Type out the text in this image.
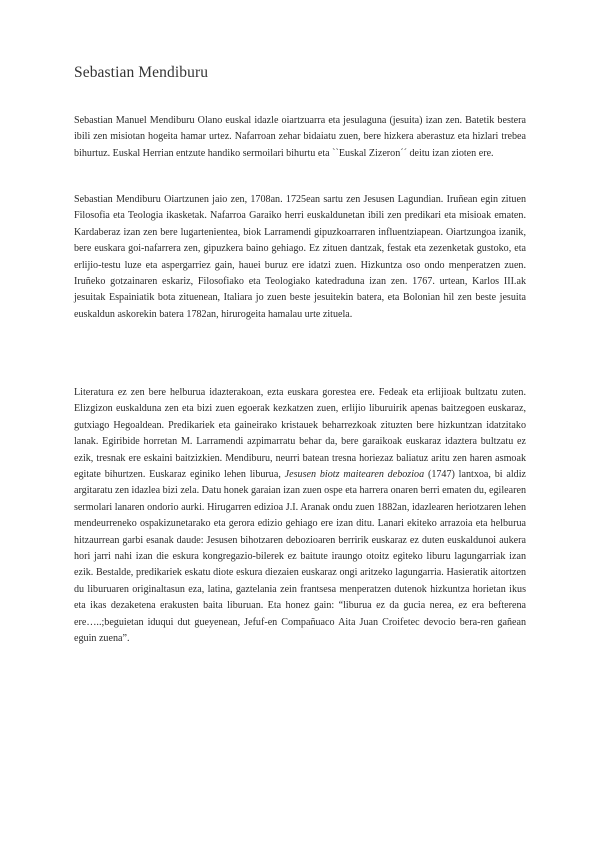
Sebastian Mendiburu

Sebastian Manuel Mendiburu Olano euskal idazle oiartzuarra eta jesulaguna (jesuita) izan zen. Batetik bestera ibili zen misiotan hogeita hamar urtez. Nafarroan zehar bidaiatu zuen, bere hizkera aberastuz eta hizlari trebea bihurtuz. Euskal Herrian entzute handiko sermoilari bihurtu eta ``Euskal Zizeron´´ deitu izan zioten ere.

Sebastian Mendiburu Oiartzunen jaio zen, 1708an. 1725ean sartu zen Jesusen Lagundian. Iruñean egin zituen Filosofia eta Teologia ikasketak. Nafarroa Garaiko herri euskaldunetan ibili zen predikari eta misioak ematen. Kardaberaz izan zen bere lugartenientea, biok Larramendi gipuzkoarraren influentziapean. Oiartzungoa izanik, bere euskara goi-nafarrera zen, gipuzkera baino gehiago. Ez zituen dantzak, festak eta zezenketak gustoko, eta erlijio-testu luze eta aspergarriez gain, hauei buruz ere idatzi zuen. Hizkuntza oso ondo menperatzen zuen. Iruñeko gotzainaren eskariz, Filosofiako eta Teologiako katedraduna izan zen. 1767. urtean, Karlos III.ak jesuitak Espainiatik bota zituenean, Italiara jo zuen beste jesuitekin batera, eta Bolonian hil zen beste jesuita euskaldun askorekin batera 1782an, hirurogeita hamalau urte zituela.

Literatura ez zen bere helburua idazterakoan, ezta euskara gorestea ere. Fedeak eta erlijioak bultzatu zuten. Elizgizon euskalduna zen eta bizi zuen egoerak kezkatzen zuen, erlijio liburuirik apenas baitzegoen euskaraz, gutxiago Hegoaldean. Predikariek eta gaineirako kristauek beharrezkoak zituzten bere hizkuntzan idatzitako lanak. Egiribide horretan M. Larramendi azpimarratu behar da, bere garaikoak euskaraz idaztera bultzatu ez ezik, tresnak ere eskaini baitzizkien. Mendiburu, neurri batean tresna horiezaz baliatuz aritu zen haren asmoak egitate bihurtzen. Euskaraz eginiko lehen liburua, Jesusen biotz maitearen debozioa (1747) lantxoa, bi aldiz argitaratu zen idazlea bizi zela. Datu honek garaian izan zuen ospe eta harrera onaren berri ematen du, egilearen sermolari lanaren ondorio aurki. Hirugarren edizioa J.I. Aranak ondu zuen 1882an, idazlearen heriotzaren lehen mendeurreneko ospakizunetarako eta gerora edizio gehiago ere izan ditu. Lanari ekiteko arrazoia eta helburua hitzaurrean garbi esanak daude: Jesusen bihotzaren debozioaren berririk euskaraz ez duten euskaldunoi aukera hori jarri nahi izan die eskura kongregazio-bilerek ez baitute iraungo otoitz egiteko liburu lagungarriak izan ezik. Bestalde, predikariek eskatu diote eskura diezaien euskaraz ongi aritzeko lagungarria. Hasieratik aitortzen du liburuaren originaltasun eza, latina, gaztelania zein frantsesa menperatzen dutenok hizkuntza horietan ikus eta ikas dezaketena erakusten baita liburuan. Eta honez gain: “liburua ez da gucia nerea, ez era befterena ere…..;beguietan iduqui dut gueyenean, Jefuf-en Compañuaco Aita Juan Croifetec devocio bera-ren gañean eguin zuena”.
